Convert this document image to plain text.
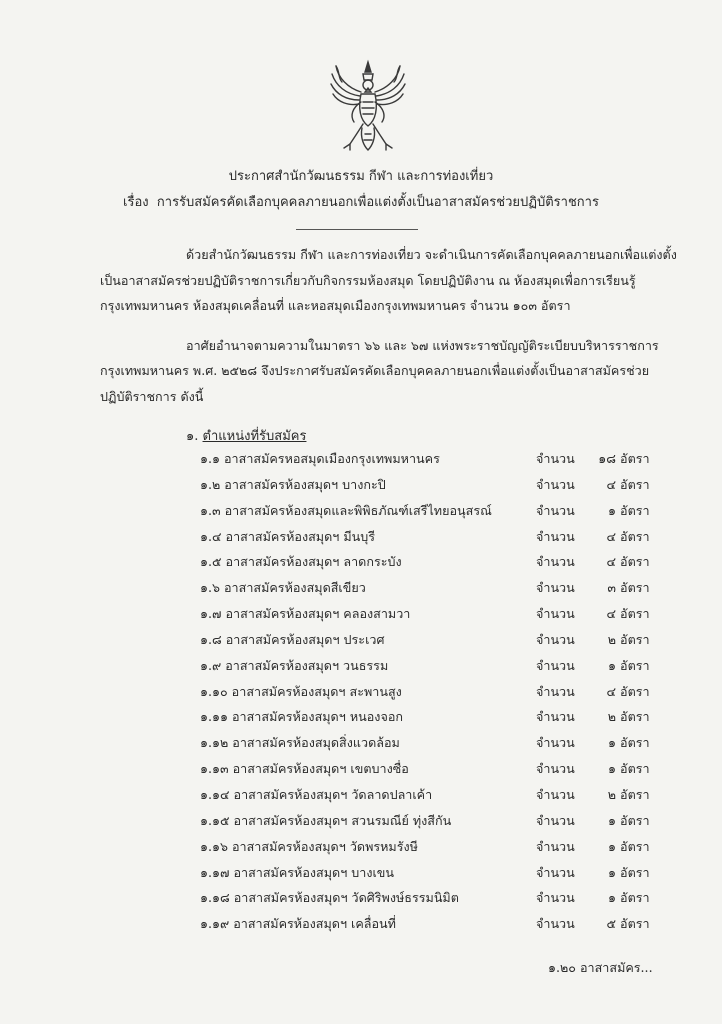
ประกาศสำนักวัฒนธรรม กีฬา และการท่องเที่ยว
เรื่อง การรับสมัครคัดเลือกบุคคลภายนอกเพื่อแต่งตั้งเป็นอาสาสมัครช่วยปฏิบัติราชการ
ด้วยสำนักวัฒนธรรม กีฬา และการท่องเที่ยว จะดำเนินการคัดเลือกบุคคลภายนอกเพื่อแต่งตั้ง
เป็นอาสาสมัครช่วยปฏิบัติราชการเกี่ยวกับกิจกรรมห้องสมุด โดยปฏิบัติงาน ณ ห้องสมุดเพื่อการเรียนรู้
กรุงเทพมหานคร ห้องสมุดเคลื่อนที่ และหอสมุดเมืองกรุงเทพมหานคร จำนวน ๑๐๓ อัตรา
อาศัยอำนาจตามความในมาตรา ๖๖ และ ๖๗ แห่งพระราชบัญญัติระเบียบบริหารราชการ
กรุงเทพมหานคร พ.ศ. ๒๕๒๘ จึงประกาศรับสมัครคัดเลือกบุคคลภายนอกเพื่อแต่งตั้งเป็นอาสาสมัครช่วย
ปฏิบัติราชการ ดังนี้
๑. ตำแหน่งที่รับสมัคร
๑.๑ อาสาสมัครหอสมุดเมืองกรุงเทพมหานคร	จำนวน ๑๘ อัตรา
๑.๒ อาสาสมัครห้องสมุดฯ บางกะปิ	จำนวน	๔ อัตรา
๑.๓ อาสาสมัครห้องสมุดและพิพิธภัณฑ์เสรีไทยอนุสรณ์	จำนวน	๑ อัตรา
๑.๔ อาสาสมัครห้องสมุดฯ มีนบุรี	จำนวน	๔ อัตรา
๑.๕ อาสาสมัครห้องสมุดฯ ลาดกระบัง	จำนวน	๔ อัตรา
๑.๖ อาสาสมัครห้องสมุดสีเขียว	จำนวน	๓ อัตรา
๑.๗ อาสาสมัครห้องสมุดฯ คลองสามวา	จำนวน	๔ อัตรา
๑.๘ อาสาสมัครห้องสมุดฯ ประเวศ	จำนวน	๒ อัตรา
๑.๙ อาสาสมัครห้องสมุดฯ วนธรรม	จำนวน	๑ อัตรา
๑.๑๐ อาสาสมัครห้องสมุดฯ สะพานสูง	จำนวน	๔ อัตรา
๑.๑๑ อาสาสมัครห้องสมุดฯ หนองจอก	จำนวน	๒ อัตรา
๑.๑๒ อาสาสมัครห้องสมุดสิ่งแวดล้อม	จำนวน	๑ อัตรา
๑.๑๓ อาสาสมัครห้องสมุดฯ เขตบางซื่อ	จำนวน	๑ อัตรา
๑.๑๔ อาสาสมัครห้องสมุดฯ วัดลาดปลาเค้า	จำนวน	๒ อัตรา
๑.๑๕ อาสาสมัครห้องสมุดฯ สวนรมณีย์ ทุ่งสีกัน	จำนวน	๑ อัตรา
๑.๑๖ อาสาสมัครห้องสมุดฯ วัดพรหมรังษี	จำนวน	๑ อัตรา
๑.๑๗ อาสาสมัครห้องสมุดฯ บางเขน	จำนวน	๑ อัตรา
๑.๑๘ อาสาสมัครห้องสมุดฯ วัดศิริพงษ์ธรรมนิมิต	จำนวน	๑ อัตรา
๑.๑๙ อาสาสมัครห้องสมุดฯ เคลื่อนที่	จำนวน	๕ อัตรา
๑.๒๐ อาสาสมัคร...
